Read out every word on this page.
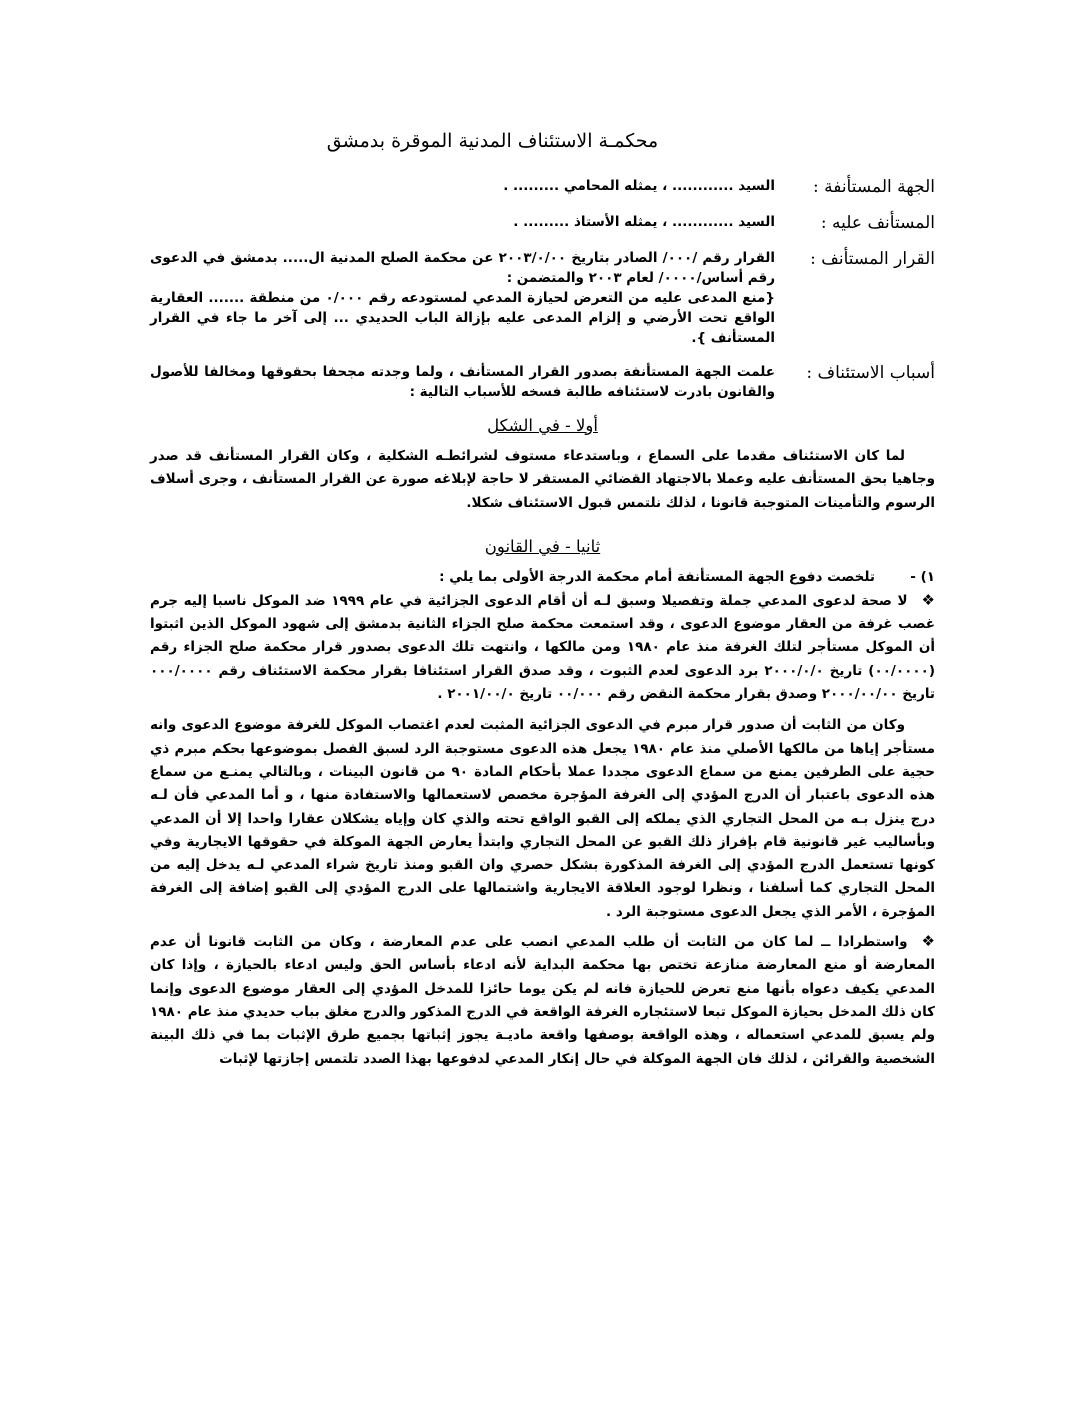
محكمـة الاستئناف المدنية الموقرة بدمشق
الجهة المستأنفة :
السيد ............ ، يمثله المحامي ......... .
المستأنف عليه :
السيد ............ ، يمثله الأستاذ ......... .
القرار المستأنف :

القرار رقم /٠٠٠/ الصادر بتاريخ ٢٠٠٣/٠/٠٠ عن محكمة الصلح المدنية ال..... بدمشق في الدعوى رقم أساس/٠٠٠٠/ لعام ٢٠٠٣ والمتضمن :

{منع المدعى عليه من التعرض لحيازة المدعي لمستودعه رقم ٠/٠٠٠ من منطقة ....... العقارية الواقع تحت الأرضي و إلزام المدعى عليه بإزالة الباب الحديدي ... إلى آخر ما جاء في القرار المستأنف }.

أسباب الاستئناف :
علمت الجهة المستأنفة بصدور القرار المستأنف ، ولما وجدته مجحفا بحقوقها ومخالفا للأصول والقانون بادرت لاستئنافه طالبة فسخه للأسباب التالية :
أولا - في الشكل

لما كان الاستئناف مقدما على السماع ، وباستدعاء مستوف لشرائطـه الشكلية ، وكان القرار المستأنف قد صدر وجاهيا بحق المستأنف عليه وعملا بالاجتهاد القضائي المستقر لا حاجة لإبلاغه صورة عن القرار المستأنف ، وجرى أسلاف الرسوم والتأمينات المتوجبة قانونا ، لذلك نلتمس قبول الاستئناف شكلا.

ثانيا - في القانون

١) -تلخصت دفوع الجهة المستأنفة أمام محكمة الدرجة الأولى بما يلي :

❖لا صحة لدعوى المدعي جملة وتفصيلا وسبق لـه أن أقام الدعوى الجزائية في عام ١٩٩٩ ضد الموكل ناسبا إليه جرم غصب غرفة من العقار موضوع الدعوى ، وقد استمعت محكمة صلح الجزاء الثانية بدمشق إلى شهود الموكل الذين اثبتوا أن الموكل مستأجر لتلك الغرفة منذ عام ١٩٨٠ ومن مالكها ، وانتهت تلك الدعوى بصدور قرار محكمة صلح الجزاء رقم (٠٠/٠٠٠٠) تاريخ ٢٠٠٠/٠/٠ برد الدعوى لعدم الثبوت ، وقد صدق القرار استئنافا بقرار محكمة الاستئناف رقم ٠٠٠/٠٠٠٠ تاريخ ٢٠٠٠/٠٠/٠٠ وصدق بقرار محكمة النقض رقم ٠٠/٠٠٠ تاريخ ٢٠٠١/٠٠/٠ .

وكان من الثابت أن صدور قرار مبرم في الدعوى الجزائية المثبت لعدم اغتصاب الموكل للغرفة موضوع الدعوى وانه مستأجر إياها من مالكها الأصلي منذ عام ١٩٨٠ يجعل هذه الدعوى مستوجبة الرد لسبق الفصل بموضوعها بحكم مبرم ذي حجية على الطرفين يمنع من سماع الدعوى مجددا عملا بأحكام المادة ٩٠ من قانون البينات ، وبالتالي يمنـع من سماع هذه الدعوى باعتبار أن الدرج المؤدي إلى الغرفة المؤجرة مخصص لاستعمالها والاستفادة منها ، و أما المدعي فأن لـه درج ينزل بـه من المحل التجاري الذي يملكه إلى القبو الواقع تحته والذي كان وإياه يشكلان عقارا واحدا إلا أن المدعي وبأساليب غير قانونية قام بإفراز ذلك القبو عن المحل التجاري وابتدأ يعارض الجهة الموكلة في حقوقها الايجارية وفي كونها تستعمل الدرج المؤدي إلى الغرفة المذكورة بشكل حصري وان القبو ومنذ تاريخ شراء المدعي لـه يدخل إليه من المحل التجاري كما أسلفنا ، ونظرا لوجود العلاقة الايجارية واشتمالها على الدرج المؤدي إلى القبو إضافة إلى الغرفة المؤجرة ، الأمر الذي يجعل الدعوى مستوجبة الرد .

❖واستطرادا ــ لما كان من الثابت أن طلب المدعي انصب على عدم المعارضة ، وكان من الثابت قانونا أن عدم المعارضة أو منع المعارضة منازعة تختص بها محكمة البداية لأنه ادعاء بأساس الحق وليس ادعاء بالحيازة ، وإذا كان المدعي يكيف دعواه بأنها منع تعرض للحيازة فانه لم يكن يوما حائزا للمدخل المؤدي إلى العقار موضوع الدعوى وإنما كان ذلك المدخل بحيازة الموكل تبعا لاستئجاره الغرفة الواقعة في الدرج المذكور والدرج مغلق بباب حديدي منذ عام ١٩٨٠ ولم يسبق للمدعي استعماله ، وهذه الواقعة بوصفها واقعة ماديـة يجوز إثباتها بجميع طرق الإثبات بما في ذلك البينة الشخصية والقرائن ، لذلك فان الجهة الموكلة في حال إنكار المدعي لدفوعها بهذا الصدد تلتمس إجازتها لإثبات
